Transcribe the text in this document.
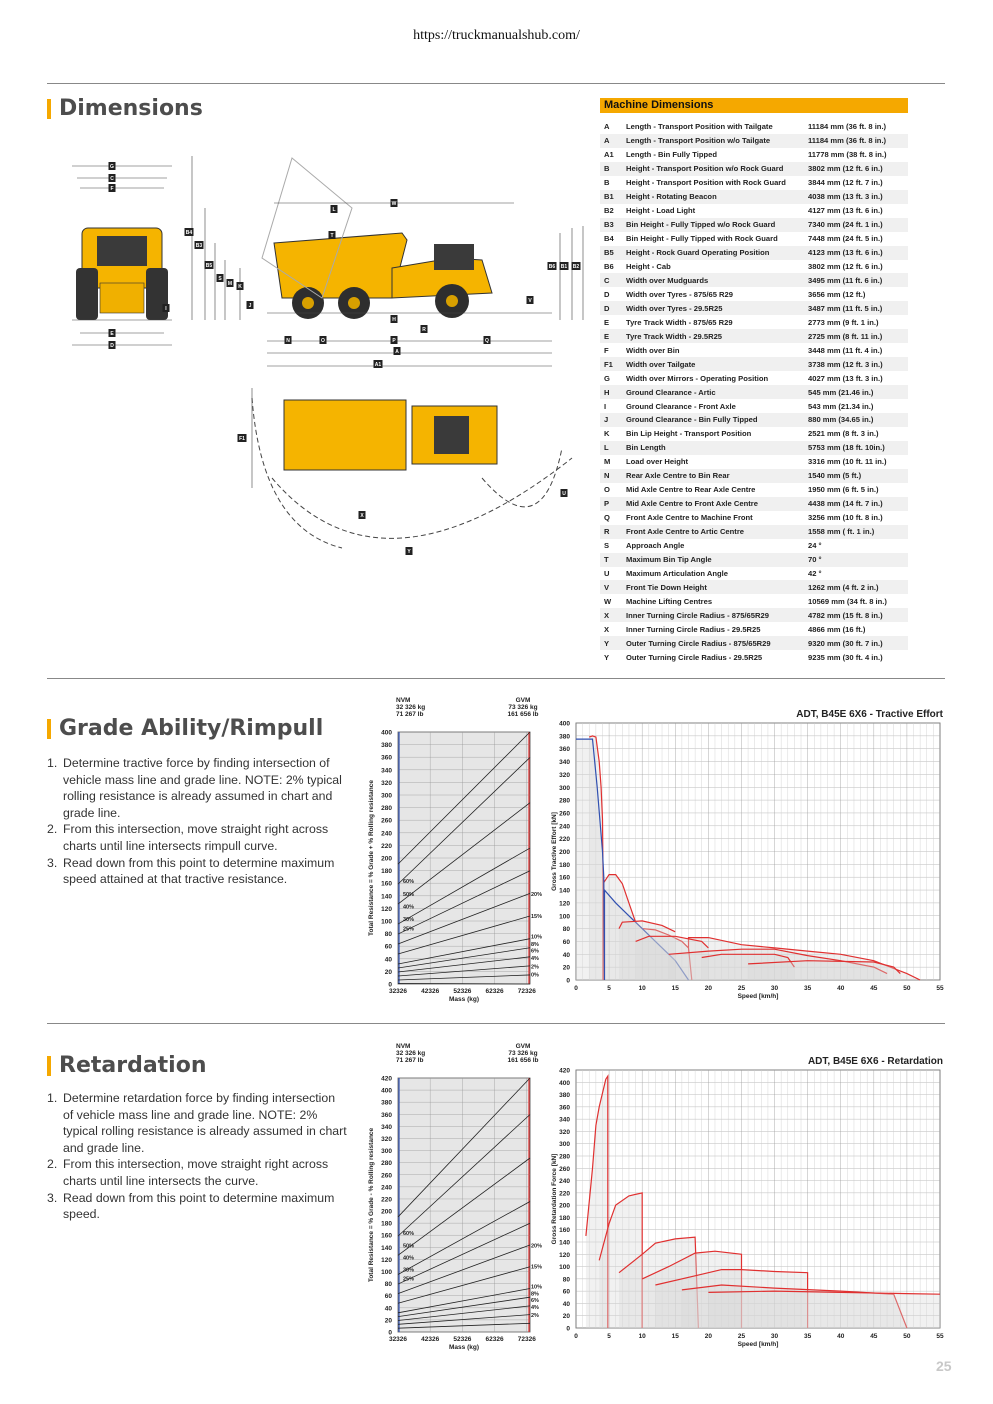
https://truckmanualshub.com/
Dimensions
G
C
F
E
D
B4
B3
B5
S
M K
J
I
L
T
W
B6 B1 B2
V
H
R
N	O	P	Q
A
A1
F1
U
X
Y
Machine Dimensions
A	Length - Transport Position with Tailgate	11184 mm (36 ft. 8 in.)
A	Length - Transport Position w/o Tailgate	11184 mm (36 ft. 8 in.)
A1	Length - Bin Fully Tipped	11778 mm (38 ft. 8 in.)
B	Height - Transport Position w/o Rock Guard	3802 mm (12 ft. 6 in.)
B	Height - Transport Position with Rock Guard	3844 mm (12 ft. 7 in.)
B1	Height - Rotating Beacon	4038 mm (13 ft. 3 in.)
B2	Height - Load Light	4127 mm (13 ft. 6 in.)
B3	Bin Height - Fully Tipped w/o Rock Guard	7340 mm (24 ft. 1 in.)
B4	Bin Height - Fully Tipped with Rock Guard	7448 mm (24 ft. 5 in.)
B5	Height - Rock Guard Operating Position	4123 mm (13 ft. 6 in.)
B6	Height - Cab	3802 mm (12 ft. 6 in.)
C	Width over Mudguards	3495 mm (11 ft. 6 in.)
D	Width over Tyres - 875/65 R29	3656 mm (12 ft.)
D	Width over Tyres - 29.5R25	3487 mm (11 ft. 5 in.)
E	Tyre Track Width - 875/65 R29	2773 mm (9 ft. 1 in.)
E	Tyre Track Width - 29.5R25	2725 mm (8 ft. 11 in.)
F	Width over Bin	3448 mm (11 ft. 4 in.)
F1	Width over Tailgate	3738 mm (12 ft. 3 in.)
G	Width over Mirrors - Operating Position	4027 mm (13 ft. 3 in.)
H	Ground Clearance - Artic	545 mm (21.46 in.)
I	Ground Clearance - Front Axle	543 mm (21.34 in.)
J	Ground Clearance - Bin Fully Tipped	880 mm (34.65 in.)
K	Bin Lip Height - Transport Position	2521 mm (8 ft. 3 in.)
L	Bin Length	5753 mm (18 ft. 10in.)
M	Load over Height	3316 mm (10 ft. 11 in.)
N	Rear Axle Centre to Bin Rear	1540 mm (5 ft.)
O	Mid Axle Centre to Rear Axle Centre	1950 mm (6 ft. 5 in.)
P	Mid Axle Centre to Front Axle Centre	4438 mm (14 ft. 7 in.)
Q	Front Axle Centre to Machine Front	3256 mm (10 ft. 8 in.)
R	Front Axle Centre to Artic Centre	1558 mm ( ft. 1 in.)
S	Approach Angle	24 °
T	Maximum Bin Tip Angle	70 °
U	Maximum Articulation Angle	42 °
V	Front Tie Down Height	1262 mm (4 ft. 2 in.)
W	Machine Lifting Centres	10569 mm (34 ft. 8 in.)
X	Inner Turning Circle Radius - 875/65R29	4782 mm (15 ft. 8 in.)
X	Inner Turning Circle Radius - 29.5R25	4866 mm (16 ft.)
Y	Outer Turning Circle Radius - 875/65R29	9320 mm (30 ft. 7 in.)
Y	Outer Turning Circle Radius - 29.5R25	9235 mm (30 ft. 4 in.)
Grade Ability/Rimpull
1. Determine tractive force by finding intersection of vehicle mass line and grade line. NOTE: 2% typical rolling resistance is already assumed in chart and grade line.
2. From this intersection, move straight right across charts until line intersects rimpull curve.
3. Read down from this point to determine maximum speed attained at that tractive resistance.
NVM
32 326 kg
71 267 lb
GVM
73 326 kg
161 656 lb
0
20
40
60
80
100
120
140
160
180
200
220
240
260
280
300
320
340
360
380
400
32326 42326 52326 62326 72326
60%
50%
40%
30%
25%
20%
15%
10%
8%
6%
4%
2%
0%
Mass (kg)
Total Resistance = % Grade + % Rolling resistance
ADT, B45E 6X6 - Tractive Effort
0
20
40
60
80
100
120
140
160
180
200
220
240
260
280
300
320
340
360
380
400
0	5	10	15	20	25	30	35	40	45	50	55
Speed [km/h]
Gross Tractive Effort [kN]
Retardation
1. Determine retardation force by finding intersection of vehicle mass line and grade line. NOTE: 2% typical rolling resistance is already assumed in chart and grade line.
2. From this intersection, move straight right across charts until line intersects the curve.
3. Read down from this point to determine maximum speed.
NVM
32 326 kg
71 267 lb
GVM
73 326 kg
161 656 lb
0
20
40
60
80
100
120
140
160
180
200
220
240
260
280
300
320
340
360
380
400
420
32326 42326 52326 62326 72326
60%
50%
40%
30%
25%
20%
15%
10%
8%
6%
4%
2%
Mass (kg)
Total Resistance = % Grade - % Rolling resistance
ADT, B45E 6X6 - Retardation
0
20
40
60
80
100
120
140
160
180
200
220
240
260
280
300
320
340
360
380
400
420
0	5	10	15	20	25	30	35	40	45	50	55
Speed [km/h]
Gross Retardation Force [kN]
25
